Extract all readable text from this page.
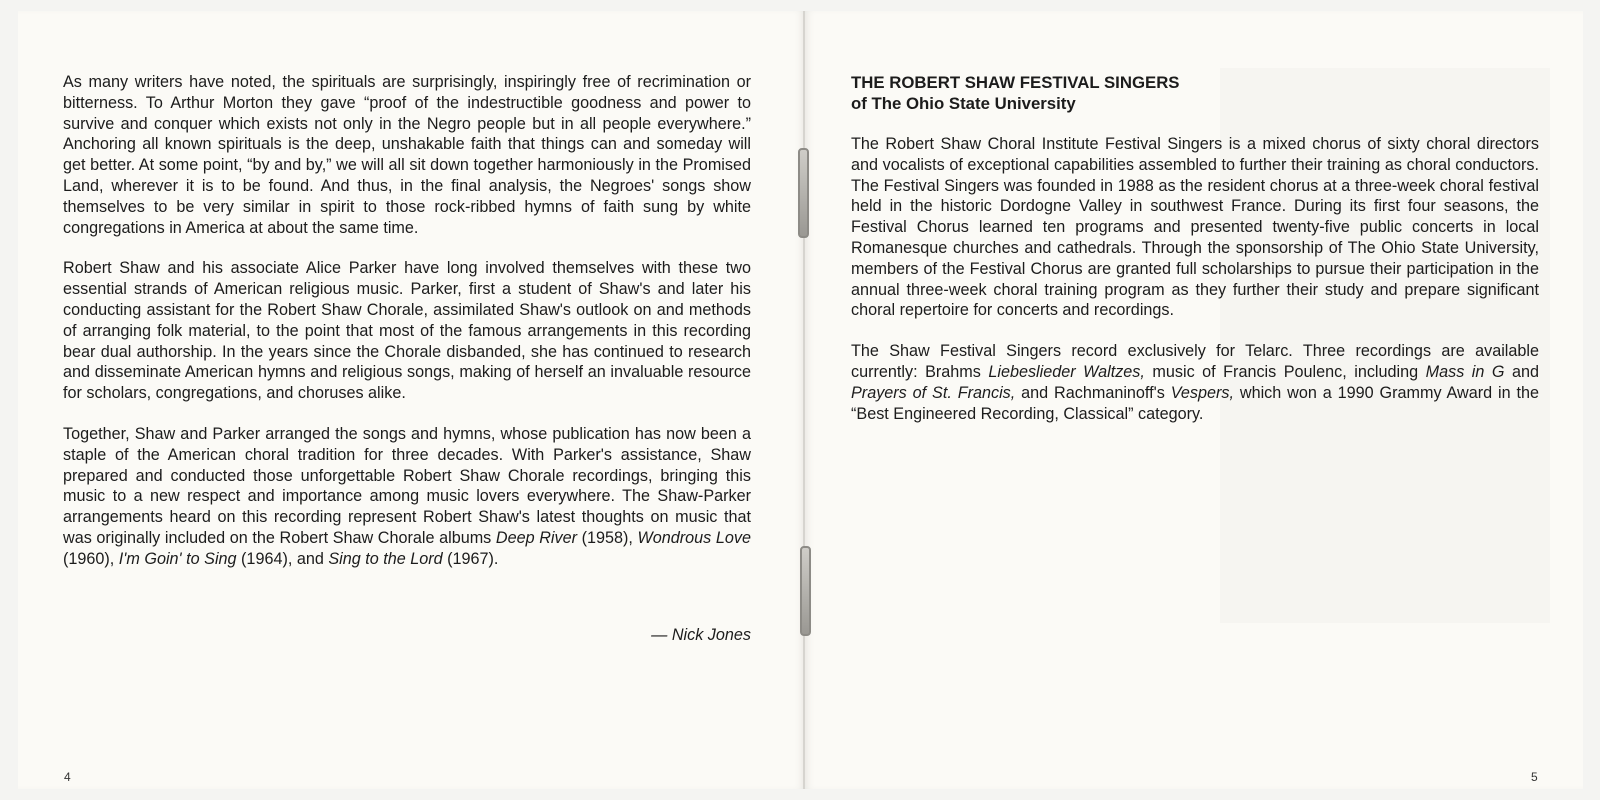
As many writers have noted, the spirituals are surprisingly, inspiringly free of recrimination or bitterness. To Arthur Morton they gave “proof of the indestructible goodness and power to survive and conquer which exists not only in the Negro people but in all people everywhere.” Anchoring all known spirituals is the deep, unshakable faith that things can and someday will get better. At some point, “by and by,” we will all sit down together harmoniously in the Promised Land, wherever it is to be found. And thus, in the final analysis, the Negroes' songs show themselves to be very similar in spirit to those rock-ribbed hymns of faith sung by white congregations in America at about the same time.

Robert Shaw and his associate Alice Parker have long involved themselves with these two essential strands of American religious music. Parker, first a student of Shaw's and later his conducting assistant for the Robert Shaw Chorale, assimilated Shaw's outlook on and methods of arranging folk material, to the point that most of the famous arrangements in this recording bear dual authorship. In the years since the Chorale disbanded, she has continued to research and disseminate American hymns and religious songs, making of herself an invaluable resource for scholars, congregations, and choruses alike.

Together, Shaw and Parker arranged the songs and hymns, whose publication has now been a staple of the American choral tradition for three decades. With Parker's assistance, Shaw prepared and conducted those unforgettable Robert Shaw Chorale recordings, bringing this music to a new respect and importance among music lovers everywhere. The Shaw-Parker arrangements heard on this recording represent Robert Shaw's latest thoughts on music that was originally included on the Robert Shaw Chorale albums Deep River (1958), Wondrous Love (1960), I'm Goin' to Sing (1964), and Sing to the Lord (1967).

— Nick Jones
4
THE ROBERT SHAW FESTIVAL SINGERS
of The Ohio State University

The Robert Shaw Choral Institute Festival Singers is a mixed chorus of sixty choral directors and vocalists of exceptional capabilities assembled to further their training as choral conductors. The Festival Singers was founded in 1988 as the resident chorus at a three-week choral festival held in the historic Dordogne Valley in southwest France. During its first four seasons, the Festival Chorus learned ten programs and presented twenty-five public concerts in local Romanesque churches and cathedrals. Through the sponsorship of The Ohio State University, members of the Festival Chorus are granted full scholarships to pursue their participation in the annual three-week choral training program as they further their study and prepare significant choral repertoire for concerts and recordings.

The Shaw Festival Singers record exclusively for Telarc. Three recordings are available currently: Brahms Liebeslieder Waltzes, music of Francis Poulenc, including Mass in G and Prayers of St. Francis, and Rachmaninoff's Vespers, which won a 1990 Grammy Award in the “Best Engineered Recording, Classical” category.

5
